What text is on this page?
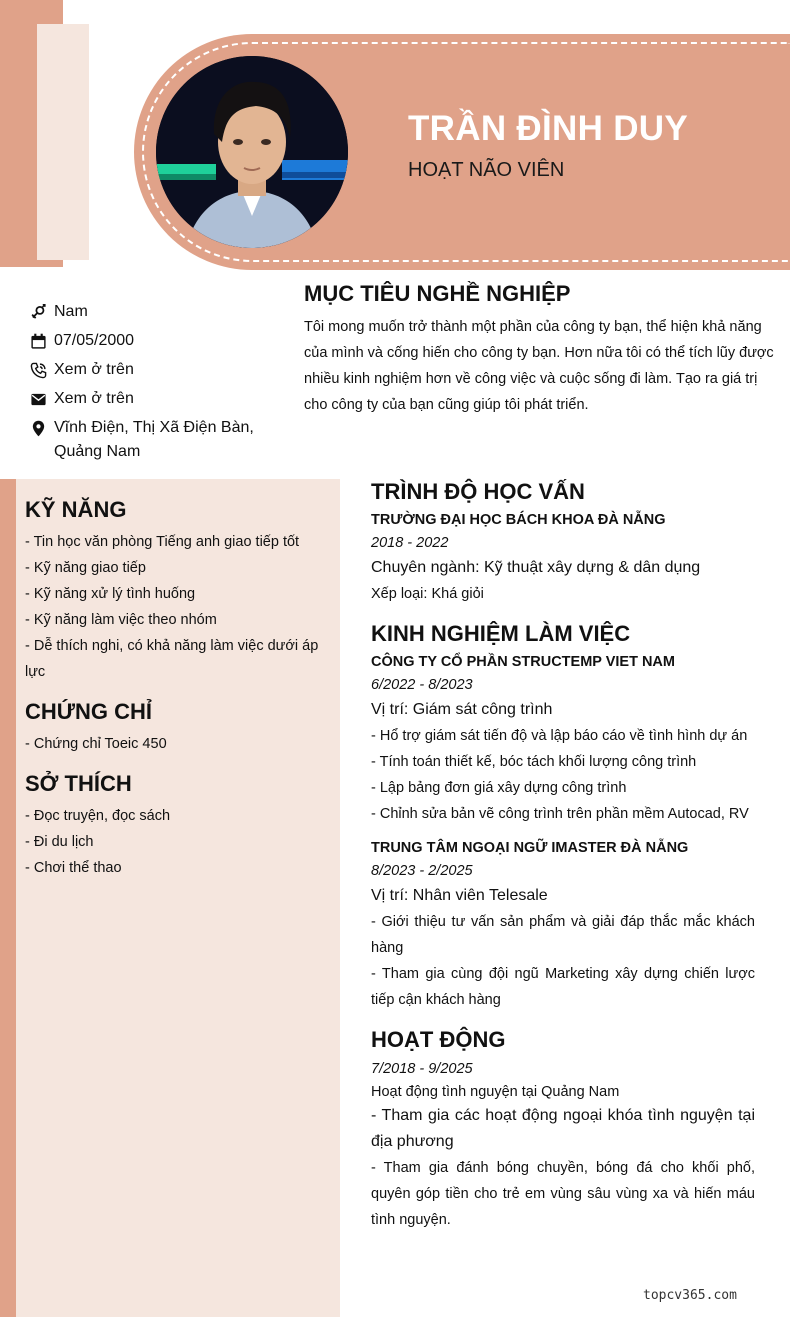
TRẦN ĐÌNH DUY
HOẠT NÃO VIÊN
Nam
07/05/2000
Xem ở trên
Xem ở trên
Vĩnh Điện, Thị Xã Điện Bàn, Quảng Nam
MỤC TIÊU NGHỀ NGHIỆP

Tôi mong muốn trở thành một phần của công ty bạn, thể hiện khả năng của mình và cống hiến cho công ty bạn. Hơn nữa tôi có thể tích lũy được nhiều kinh nghiệm hơn về công việc và cuộc sống đi làm. Tạo ra giá trị cho công ty của bạn cũng giúp tôi phát triển.

KỸ NĂNG
- Tin học văn phòng Tiếng anh giao tiếp tốt
- Kỹ năng giao tiếp
- Kỹ năng xử lý tình huống
- Kỹ năng làm việc theo nhóm
- Dễ thích nghi, có khả năng làm việc dưới áp lực
CHỨNG CHỈ
- Chứng chỉ Toeic 450
SỞ THÍCH
- Đọc truyện, đọc sách
- Đi du lịch
- Chơi thể thao
TRÌNH ĐỘ HỌC VẤN
TRƯỜNG ĐẠI HỌC BÁCH KHOA ĐÀ NẴNG
2018 - 2022
Chuyên ngành: Kỹ thuật xây dựng & dân dụng
Xếp loại: Khá giỏi
KINH NGHIỆM LÀM VIỆC
CÔNG TY CỔ PHẦN STRUCTEMP VIET NAM
6/2022 - 8/2023
Vị trí: Giám sát công trình
- Hổ trợ giám sát tiến độ và lập báo cáo về tình hình dự án
- Tính toán thiết kế, bóc tách khối lượng công trình
- Lập bảng đơn giá xây dựng công trình
- Chỉnh sửa bản vẽ công trình trên phần mềm Autocad, RV
TRUNG TÂM NGOẠI NGỮ IMASTER ĐÀ NẴNG
8/2023 - 2/2025
Vị trí: Nhân viên Telesale
- Giới thiệu tư vấn sản phẩm và giải đáp thắc mắc khách hàng
- Tham gia cùng đội ngũ Marketing xây dựng chiến lược tiếp cận khách hàng
HOẠT ĐỘNG
7/2018 - 9/2025
Hoạt động tình nguyện tại Quảng Nam
- Tham gia các hoạt động ngoại khóa tình nguyện tại địa phương
- Tham gia đánh bóng chuyền, bóng đá cho khối phố, quyên góp tiền cho trẻ em vùng sâu vùng xa và hiến máu tình nguyện.
topcv365.com
